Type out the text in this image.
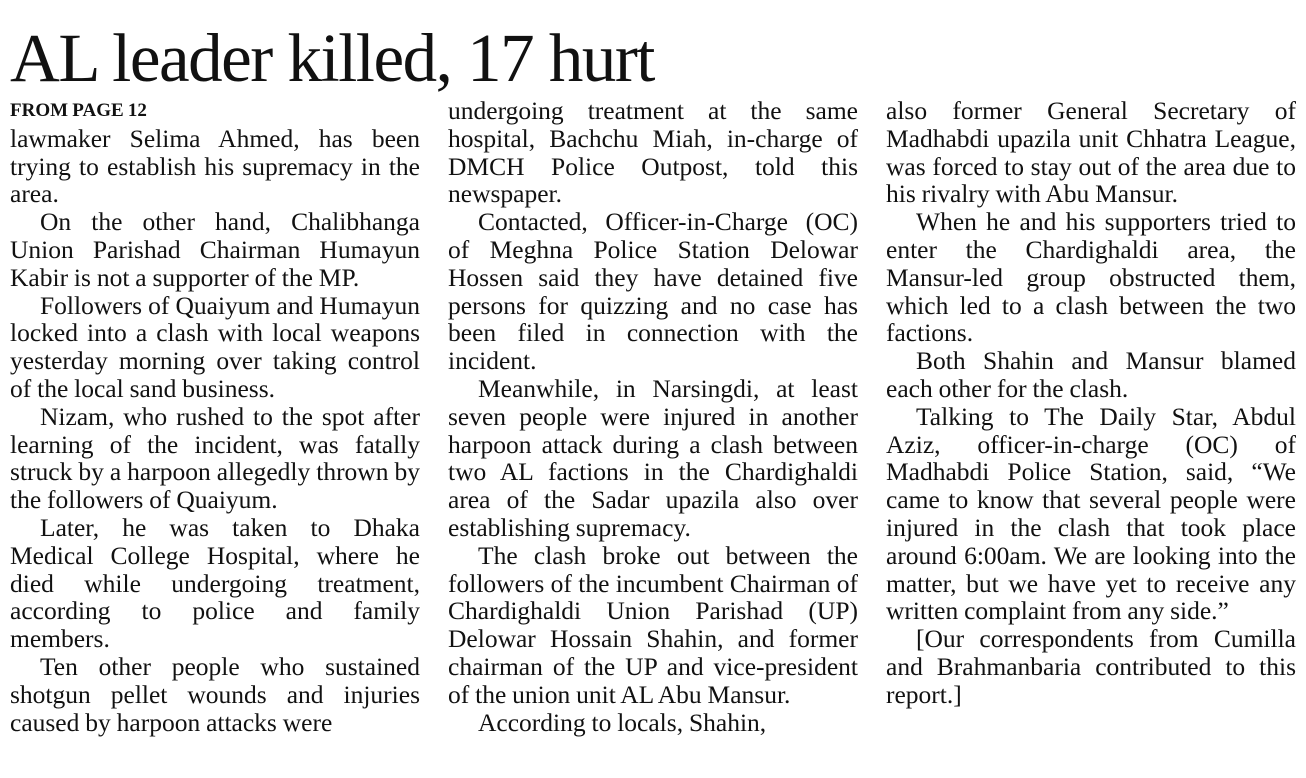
AL leader killed, 17 hurt
FROM PAGE 12

lawmaker Selima Ahmed, has been trying to establish his supremacy in the area.

On the other hand, Chalibhanga Union Parishad Chairman Humayun Kabir is not a supporter of the MP.

Followers of Quaiyum and Humayun locked into a clash with local weapons yesterday morning over taking control of the local sand business.

Nizam, who rushed to the spot after learning of the incident, was fatally struck by a harpoon allegedly thrown by the followers of Quaiyum.

Later, he was taken to Dhaka Medical College Hospital, where he died while undergoing treatment, according to police and family members.

Ten other people who sustained shotgun pellet wounds and injuries caused by harpoon attacks were

undergoing treatment at the same hospital, Bachchu Miah, in-charge of DMCH Police Outpost, told this newspaper.

Contacted, Officer-in-Charge (OC) of Meghna Police Station Delowar Hossen said they have detained five persons for quizzing and no case has been filed in connection with the incident.

Meanwhile, in Narsingdi, at least seven people were injured in another harpoon attack during a clash between two AL factions in the Chardighaldi area of the Sadar upazila also over establishing supremacy.

The clash broke out between the followers of the incumbent Chairman of Chardighaldi Union Parishad (UP) Delowar Hossain Shahin, and former chairman of the UP and vice-president of the union unit AL Abu Mansur.

According to locals, Shahin,

also former General Secretary of Madhabdi upazila unit Chhatra League, was forced to stay out of the area due to his rivalry with Abu Mansur.

When he and his supporters tried to enter the Chardighaldi area, the Mansur-led group obstructed them, which led to a clash between the two factions.

Both Shahin and Mansur blamed each other for the clash.

Talking to The Daily Star, Abdul Aziz, officer-in-charge (OC) of Madhabdi Police Station, said, “We came to know that several people were injured in the clash that took place around 6:00am. We are looking into the matter, but we have yet to receive any written complaint from any side.”

[Our correspondents from Cumilla and Brahmanbaria contributed to this report.]
